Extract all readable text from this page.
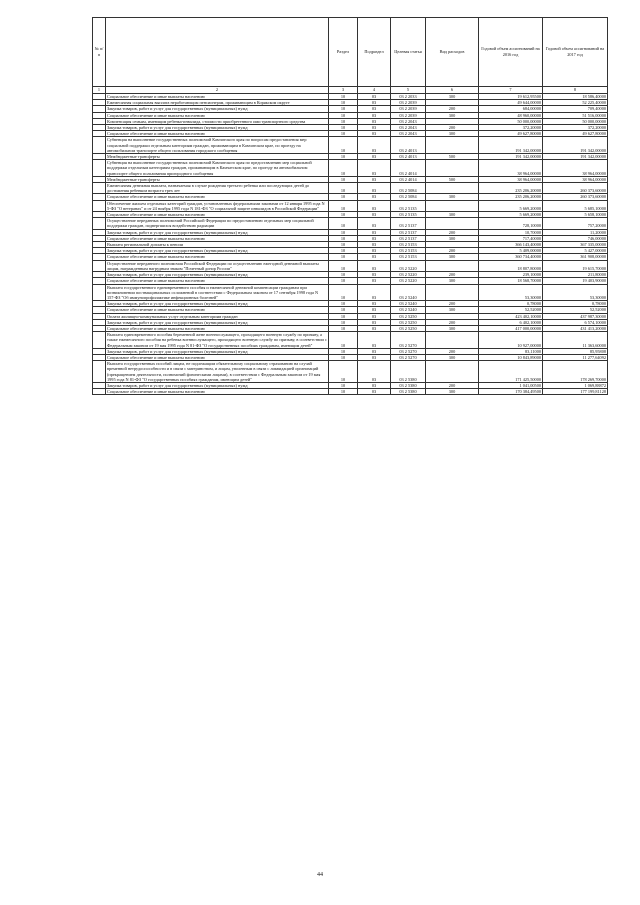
№ п/п		Раздел	Подраздел	Целевая статья	Вид расходов	Годовой объем ассигнований на 2016 год	Годовой объем ассигнований на 2017 год
1	2	3	4	5	6	7	8
	Социальное обеспечение и иные выплаты населению	10	03	03 2 2033	300	19 612,95500	18 586,40000
	Ежемесячная социальная выплата неработающим пенсионерам, проживающим в Корякском округе	10	03	03 2 2039		49 644,00000	52 225,40000
	Закупка товаров, работ и услуг для государственных (муниципальных) нужд	10	03	03 2 2039	200	684,00000	709,40000
	Социальное обеспечение и иные выплаты населению	10	03	03 2 2039	300	48 960,00000	51 516,00000
	Компенсация семьям, имеющим ребенка-инвалида, стоимости приобретенного ими транспортного средства	10	03	03 2 2043		50 000,00000	50 000,00000
	Закупка товаров, работ и услуг для государственных (муниципальных) нужд	10	03	03 2 2043	200	372,20000	372,20000
	Социальное обеспечение и иные выплаты населению	10	03	03 2 2043	300	49 627,80000	49 627,80000
	Субвенция на выполнение государственных полномочий Камчатского края по вопросам предоставления мер социальной поддержки отдельным категориям граждан, проживающим в Камчатском крае, по проезду на автомобильном транспорте общего пользования городского сообщения	10	03	03 2 4013		191 342,00000	191 342,00000
	Межбюджетные трансферты	10	03	03 2 4013	500	191 342,00000	191 342,00000
	Субвенция на выполнение государственных полномочий Камчатского края по предоставлению мер социальной поддержки отдельным категориям граждан, проживающим в Камчатском крае, по проезду на автомобильном транспорте общего пользования пригородного сообщения	10	03	03 2 4014		38 964,00000	38 964,00000
	Межбюджетные трансферты	10	03	03 2 4014	500	38 964,00000	38 964,00000
	Ежемесячная денежная выплата, назначаемая в случае рождения третьего ребенка или последующих детей до достижения ребенком возраста трех лет	10	03	03 2 5084		235 206,20000	260 373,60000
	Социальное обеспечение и иные выплаты населению	10	03	03 2 5084	300	235 206,20000	260 373,60000
	Обеспечение жильем отдельных категорий граждан, установленных федеральными законами от 12 января 1995 года N 5-ФЗ "О ветеранах" и от 24 ноября 1995 года N 181-ФЗ "О социальной защите инвалидов в Российской Федерации"	10	03	03 2 5135		5 669,20000	5 685,10000
	Социальное обеспечение и иные выплаты населению	10	03	03 2 5135	300	5 669,20000	5 658,10000
	Осуществление переданных полномочий Российской Федерации по предоставлению отдельных мер социальной поддержки граждан, подвергшихся воздействию радиации	10	03	03 2 5137		728,10000	757,20000
	Закупка товаров, работ и услуг для государственных (муниципальных) нужд	10	03	03 2 5137	200	10,70000	11,20000
	Социальное обеспечение и иные выплаты населению	10	03	03 2 5137	300	717,40000	746,00000
	Выплата региональной доплаты к пенсии	10	03	03 2 5153		366 143,40000	367 335,00000
	Закупка товаров, работ и услуг для государственных (муниципальных) нужд	10	03	03 2 5153	200	5 409,00000	5 427,00000
	Социальное обеспечение и иные выплаты населению	10	03	03 2 5153	300	360 734,40000	361 908,00000
	Осуществление переданного полномочия Российской Федерации по осуществлению ежегодной денежной выплаты лицам, награжденным нагрудным знаком "Почетный донор России"	10	03	03 2 5220		18 807,80000	19 615,70000
	Закупка товаров, работ и услуг для государственных (муниципальных) нужд	10	03	03 2 5220	200	239,10000	211,80000
	Социальное обеспечение и иные выплаты населению	10	03	03 2 5220	300	18 568,70000	19 403,90000
	Выплата государственного единовременного пособия и ежемесячной денежной компенсации гражданам при возникновении поствакцинальных осложнений в соответствии с Федеральным законом от 17 сентября 1998 года N 157-ФЗ "Об иммунопрофилактике инфекционных болезней"	10	03	03 2 5240		53,30000	53,30000
	Закупка товаров, работ и услуг для государственных (муниципальных) нужд	10	03	03 2 5240	200	0,78000	0,78000
	Социальное обеспечение и иные выплаты населению	10	03	03 2 5240	300	52,52000	52,52000
	Оплата жилищно-коммунальных услуг отдельным категориям граждан	10	03	03 2 5250		423 402,10000	437 987,30000
	Закупка товаров, работ и услуг для государственных (муниципальных) нужд	10	03	03 2 5250	200	6 402,10000	6 574,10000
	Социальное обеспечение и иные выплаты населению	10	03	03 2 5250	300	417 000,00000	431 413,20000
	Выплата единовременного пособия беременной жене военнослужащего, проходящего военную службу по призыву, а также ежемесячного пособия на ребенка военнослужащего, проходящего военную службу по призыву, в соответствии с Федеральным законом от 19 мая 1995 года N 81-ФЗ "О государственных пособиях гражданам, имеющим детей"	10	03	03 2 5270		10 927,00000	11 363,60000
	Закупка товаров, работ и услуг для государственных (муниципальных) нужд	10	03	03 2 5270	200	83,11000	85,95808
	Социальное обеспечение и иные выплаты населению	10	03	03 2 5270	300	10 843,89000	11 277,64092
	Выплата государственных пособий лицам, не подлежащим обязательному социальному страхованию на случай временной нетрудоспособности и в связи с материнством, и лицам, уволенным в связи с ликвидацией организаций (прекращением деятельности, полномочий физическими лицами), в соответствии с Федеральным законом от 19 мая 1995 года N 81-ФЗ "О государственных пособиях гражданам, имеющим детей"	10	03	03 2 5380		171 425,50000	178 269,70000
	Закупка товаров, работ и услуг для государственных (муниципальных) нужд	10	03	03 2 5380	200	1 041,00500	1 069,88872
	Социальное обеспечение и иные выплаты населению	10	03	03 2 5380	300	170 384,49500	177 199,81128
44
